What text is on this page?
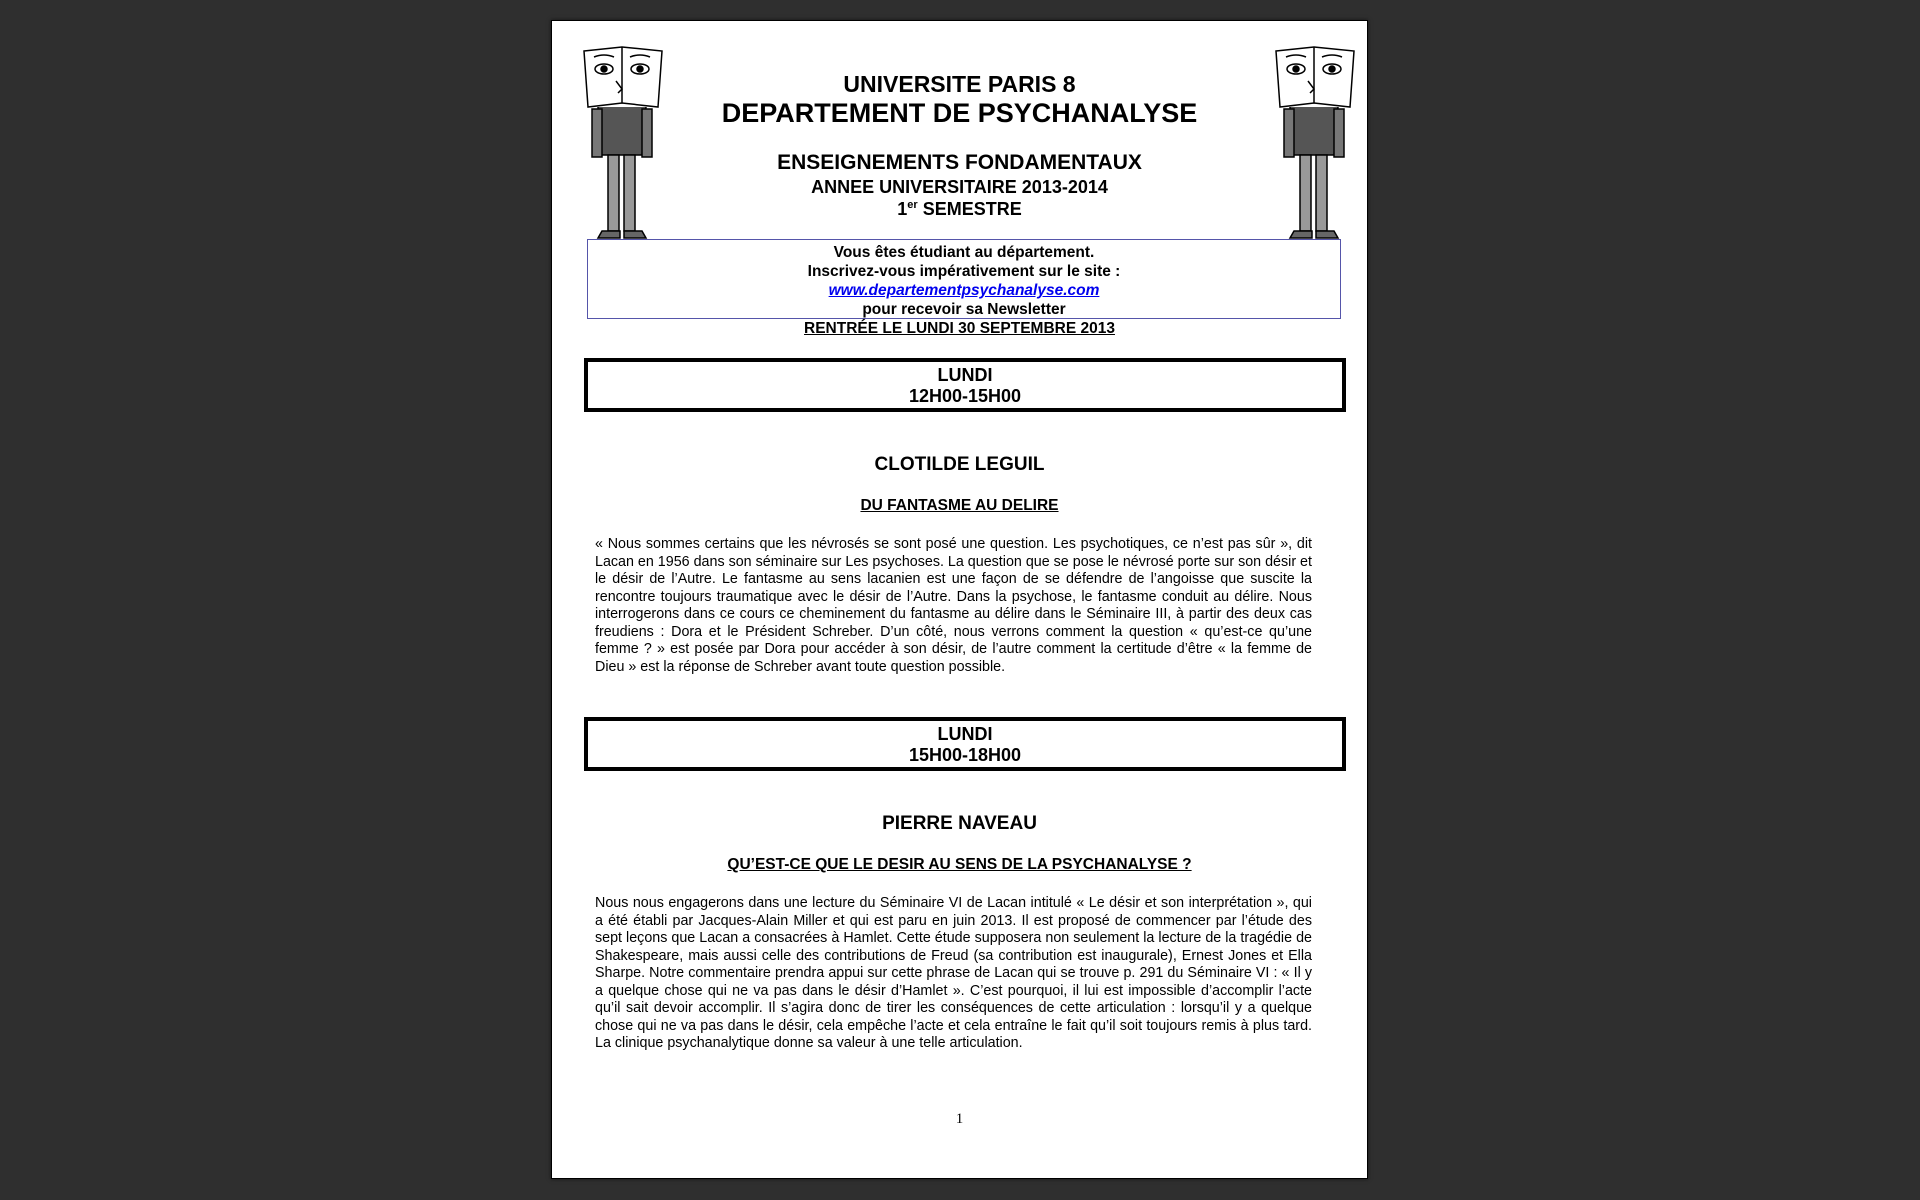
UNIVERSITE PARIS 8
DEPARTEMENT DE PSYCHANALYSE
ENSEIGNEMENTS FONDAMENTAUX
ANNEE UNIVERSITAIRE 2013-2014
1er SEMESTRE
Vous êtes étudiant au département.
Inscrivez-vous impérativement sur le site :
www.departementpsychanalyse.com
pour recevoir sa Newsletter
RENTRÉE LE LUNDI 30 SEPTEMBRE 2013
LUNDI
12H00-15H00
CLOTILDE LEGUIL
DU FANTASME AU DELIRE
« Nous sommes certains que les névrosés se sont posé une question. Les psychotiques, ce n’est pas sûr », dit Lacan en 1956 dans son séminaire sur Les psychoses. La question que se pose le névrosé porte sur son désir et le désir de l’Autre. Le fantasme au sens lacanien est une façon de se défendre de l’angoisse que suscite la rencontre toujours traumatique avec le désir de l’Autre. Dans la psychose, le fantasme conduit au délire. Nous interrogerons dans ce cours ce cheminement du fantasme au délire dans le Séminaire III, à partir des deux cas freudiens : Dora et le Président Schreber. D’un côté, nous verrons comment la question « qu’est-ce qu’une femme ? » est posée par Dora pour accéder à son désir, de l’autre comment la certitude d’être « la femme de Dieu » est la réponse de Schreber avant toute question possible.
LUNDI
15H00-18H00
PIERRE NAVEAU
QU’EST-CE QUE LE DESIR AU SENS DE LA PSYCHANALYSE ?
Nous nous engagerons dans une lecture du Séminaire VI de Lacan intitulé « Le désir et son interprétation », qui a été établi par Jacques-Alain Miller et qui est paru en juin 2013. Il est proposé de commencer par l’étude des sept leçons que Lacan a consacrées à Hamlet. Cette étude supposera non seulement la lecture de la tragédie de Shakespeare, mais aussi celle des contributions de Freud (sa contribution est inaugurale), Ernest Jones et Ella Sharpe. Notre commentaire prendra appui sur cette phrase de Lacan qui se trouve p. 291 du Séminaire VI : « Il y a quelque chose qui ne va pas dans le désir d’Hamlet ». C’est pourquoi, il lui est impossible d’accomplir l’acte qu’il sait devoir accomplir. Il s’agira donc de tirer les conséquences de cette articulation : lorsqu’il y a quelque chose qui ne va pas dans le désir, cela empêche l’acte et cela entraîne le fait qu’il soit toujours remis à plus tard. La clinique psychanalytique donne sa valeur à une telle articulation.
1
